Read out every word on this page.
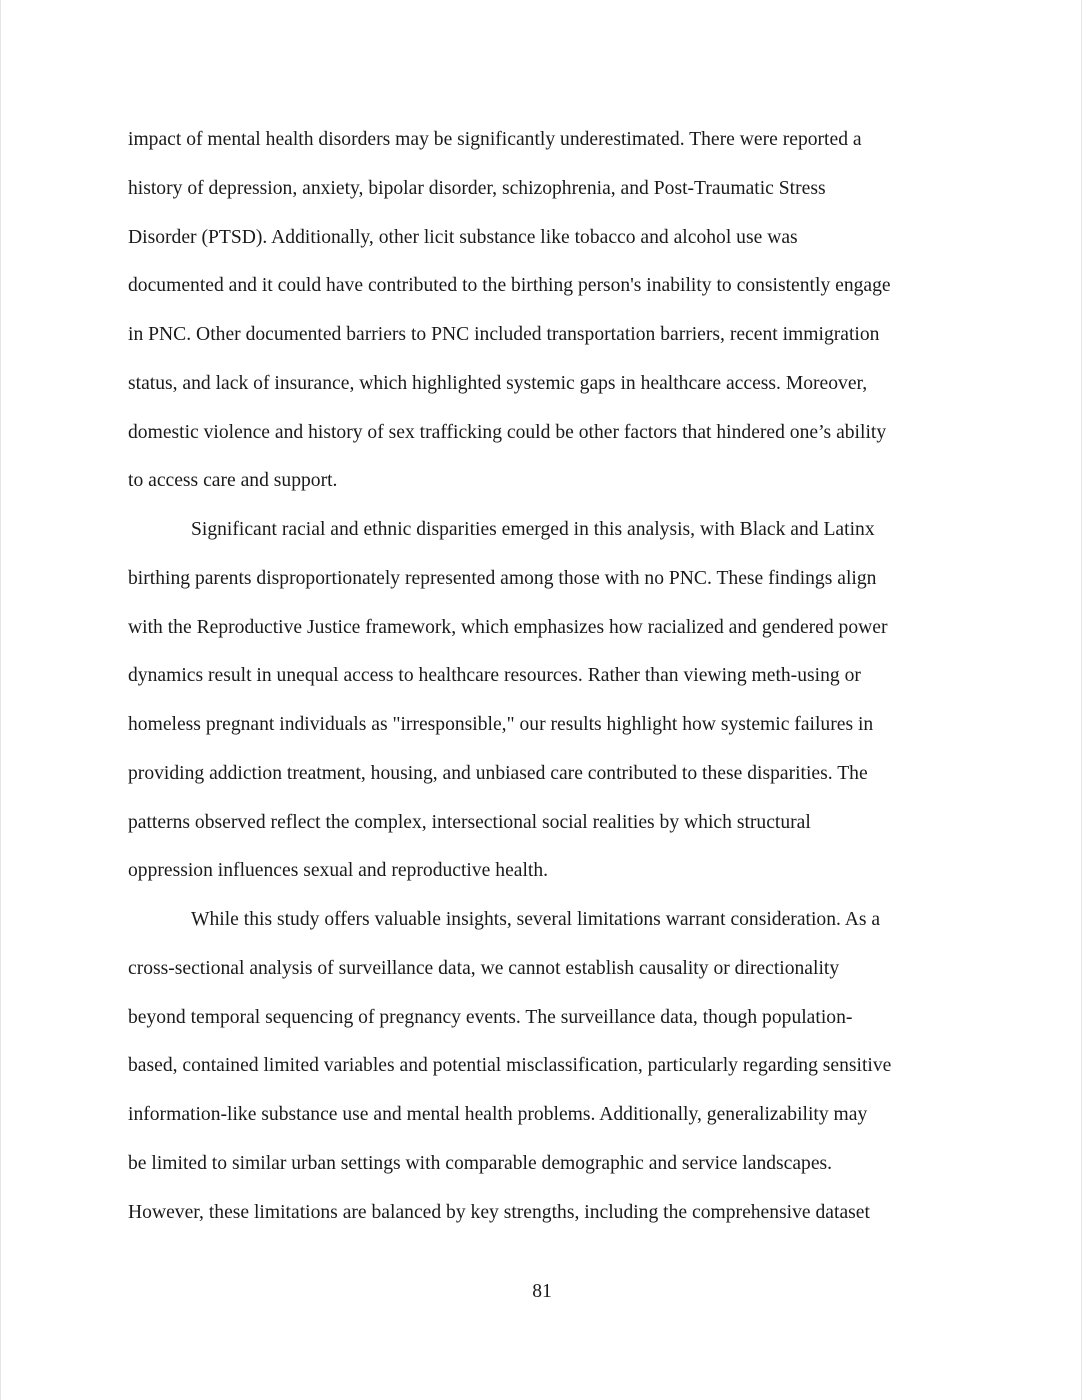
impact of mental health disorders may be significantly underestimated. There were reported a
history of depression, anxiety, bipolar disorder, schizophrenia, and Post-Traumatic Stress
Disorder (PTSD). Additionally, other licit substance like tobacco and alcohol use was
documented and it could have contributed to the birthing person's inability to consistently engage
in PNC. Other documented barriers to PNC included transportation barriers, recent immigration
status, and lack of insurance, which highlighted systemic gaps in healthcare access. Moreover,
domestic violence and history of sex trafficking could be other factors that hindered one’s ability
to access care and support.
Significant racial and ethnic disparities emerged in this analysis, with Black and Latinx
birthing parents disproportionately represented among those with no PNC. These findings align
with the Reproductive Justice framework, which emphasizes how racialized and gendered power
dynamics result in unequal access to healthcare resources. Rather than viewing meth-using or
homeless pregnant individuals as "irresponsible," our results highlight how systemic failures in
providing addiction treatment, housing, and unbiased care contributed to these disparities. The
patterns observed reflect the complex, intersectional social realities by which structural
oppression influences sexual and reproductive health.
While this study offers valuable insights, several limitations warrant consideration. As a
cross-sectional analysis of surveillance data, we cannot establish causality or directionality
beyond temporal sequencing of pregnancy events. The surveillance data, though population-
based, contained limited variables and potential misclassification, particularly regarding sensitive
information-like substance use and mental health problems. Additionally, generalizability may
be limited to similar urban settings with comparable demographic and service landscapes.
However, these limitations are balanced by key strengths, including the comprehensive dataset
81
